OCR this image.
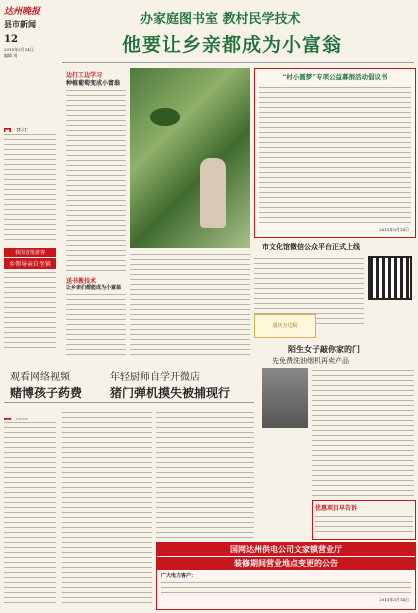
达州晚报
县市新闻
12
2015年5月14日
编辑 刘
办家庭图书室 教村民学技术
他要让乡亲都成为小富翁
我国首批游客
乡领导亲自坐镇
边打工边学习
种植葡萄变成小富翁
送书教技术
让乡亲们都能成为小富翁
“村小圆梦”专项公益募捐活动倡议书
2015年5月14日
市文化馆微信公众平台正式上线
重庆万达院
陌生女子敲你家的门
先免费洗油烟机再卖产品
观看网络视频	年轻厨师自学开微店
赌博孩子药费 猪门弹机摸失被捕现行
优惠项目早告诉
国网达州供电公司文家镇营业厅
装修期间营业地点变更的公告
广大电力客户：
2015年5月14日
